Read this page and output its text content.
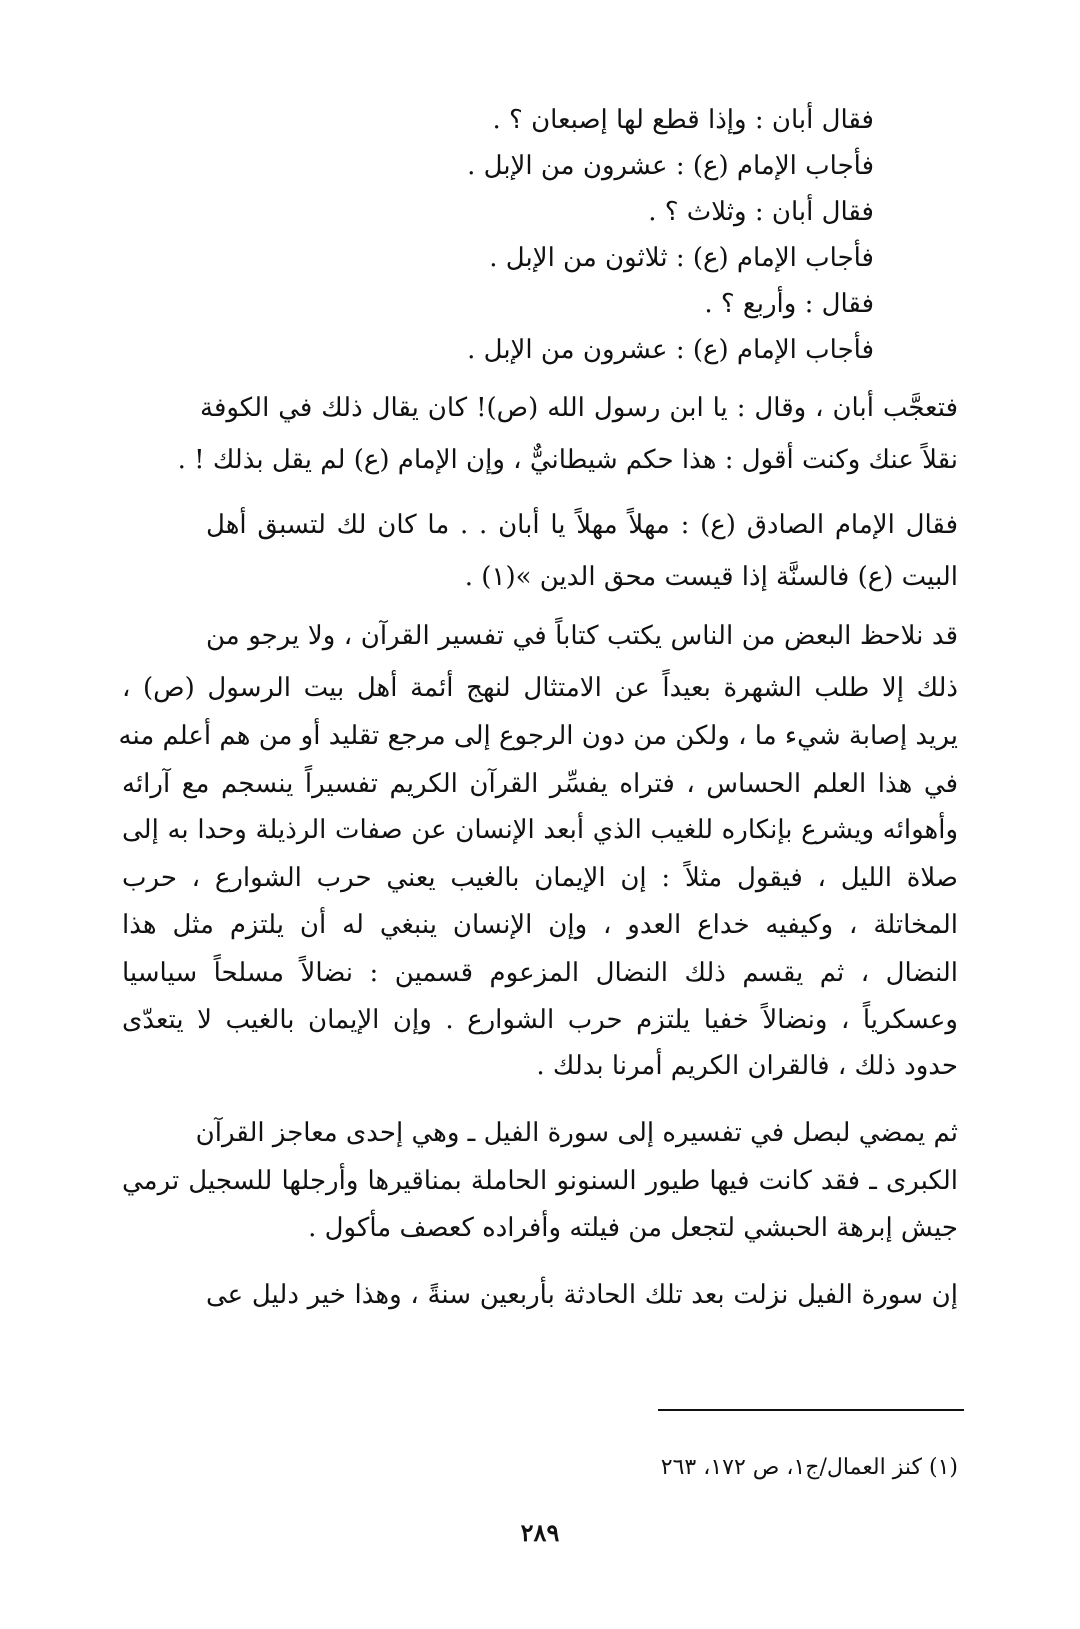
فقال أبان : وإذا قطع لها إصبعان ؟ .

فأجاب الإمام (ع) : عشرون من الإبل .

فقال أبان : وثلاث ؟ .

فأجاب الإمام (ع) : ثلاثون من الإبل .

فقال : وأربع ؟ .

فأجاب الإمام (ع) : عشرون من الإبل .

فتعجَّب أبان ، وقال : يا ابن رسول الله (ص)! كان يقال ذلك في الكوفة

نقلاً عنك وكنت أقول : هذا حكم شيطانيٌّ ، وإن الإمام (ع) لم يقل بذلك ! .

فقال الإمام الصادق (ع) : مهلاً مهلاً يا أبان . . ما كان لك لتسبق أهل

البيت (ع) فالسنَّة إذا قيست محق الدين »(١) .

قد نلاحظ البعض من الناس يكتب كتاباً في تفسير القرآن ، ولا يرجو من

ذلك إلا طلب الشهرة بعيداً عن الامتثال لنهج أئمة أهل بيت الرسول (ص) ،

يريد إصابة شيء ما ، ولكن من دون الرجوع إلى مرجع تقليد أو من هم أعلم منه

في هذا العلم الحساس ، فتراه يفسِّر القرآن الكريم تفسيراً ينسجم مع آرائه

وأهوائه ويشرع بإنكاره للغيب الذي أبعد الإنسان عن صفات الرذيلة وحدا به إلى

صلاة الليل ، فيقول مثلاً : إن الإيمان بالغيب يعني حرب الشوارع ، حرب

المخاتلة ، وكيفيه خداع العدو ، وإن الإنسان ينبغي له أن يلتزم مثل هذا

النضال ، ثم يقسم ذلك النضال المزعوم قسمين : نضالاً مسلحاً سياسيا

وعسكرياً ، ونضالاً خفيا يلتزم حرب الشوارع . وإن الإيمان بالغيب لا يتعدّى

حدود ذلك ، فالقران الكريم أمرنا بدلك .

ثم يمضي لبصل في تفسيره إلى سورة الفيل ـ وهي إحدى معاجز القرآن

الكبرى ـ فقد كانت فيها طيور السنونو الحاملة بمناقيرها وأرجلها للسجيل ترمي

جيش إبرهة الحبشي لتجعل من فيلته وأفراده كعصف مأكول .

إن سورة الفيل نزلت بعد تلك الحادثة بأربعين سنةً ، وهذا خير دليل عى

(١) كنز العمال/ج١، ص ١٧٢، ٢٦٣

٢٨٩
